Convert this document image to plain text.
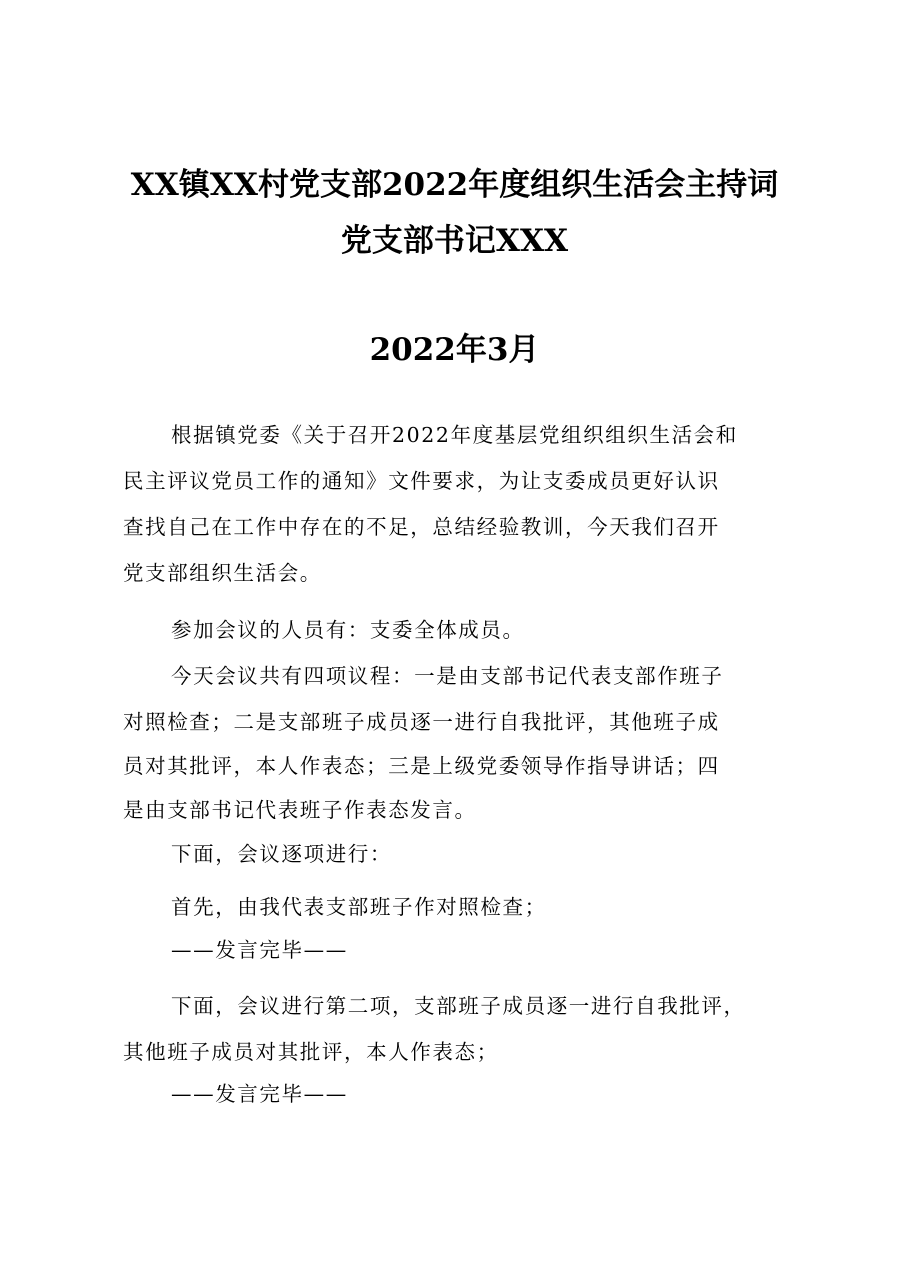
XX镇XX村党支部2022年度组织生活会主持词
党支部书记XXX
2022年3月
根据镇党委《关于召开2022年度基层党组织组织生活会和
民主评议党员工作的通知》文件要求，为让支委成员更好认识
查找自己在工作中存在的不足，总结经验教训，今天我们召开
党支部组织生活会。
参加会议的人员有：支委全体成员。
今天会议共有四项议程：一是由支部书记代表支部作班子
对照检查；二是支部班子成员逐一进行自我批评，其他班子成
员对其批评，本人作表态；三是上级党委领导作指导讲话；四
是由支部书记代表班子作表态发言。
下面，会议逐项进行：
首先，由我代表支部班子作对照检查；
——发言完毕——
下面，会议进行第二项，支部班子成员逐一进行自我批评，
其他班子成员对其批评，本人作表态；
——发言完毕——
